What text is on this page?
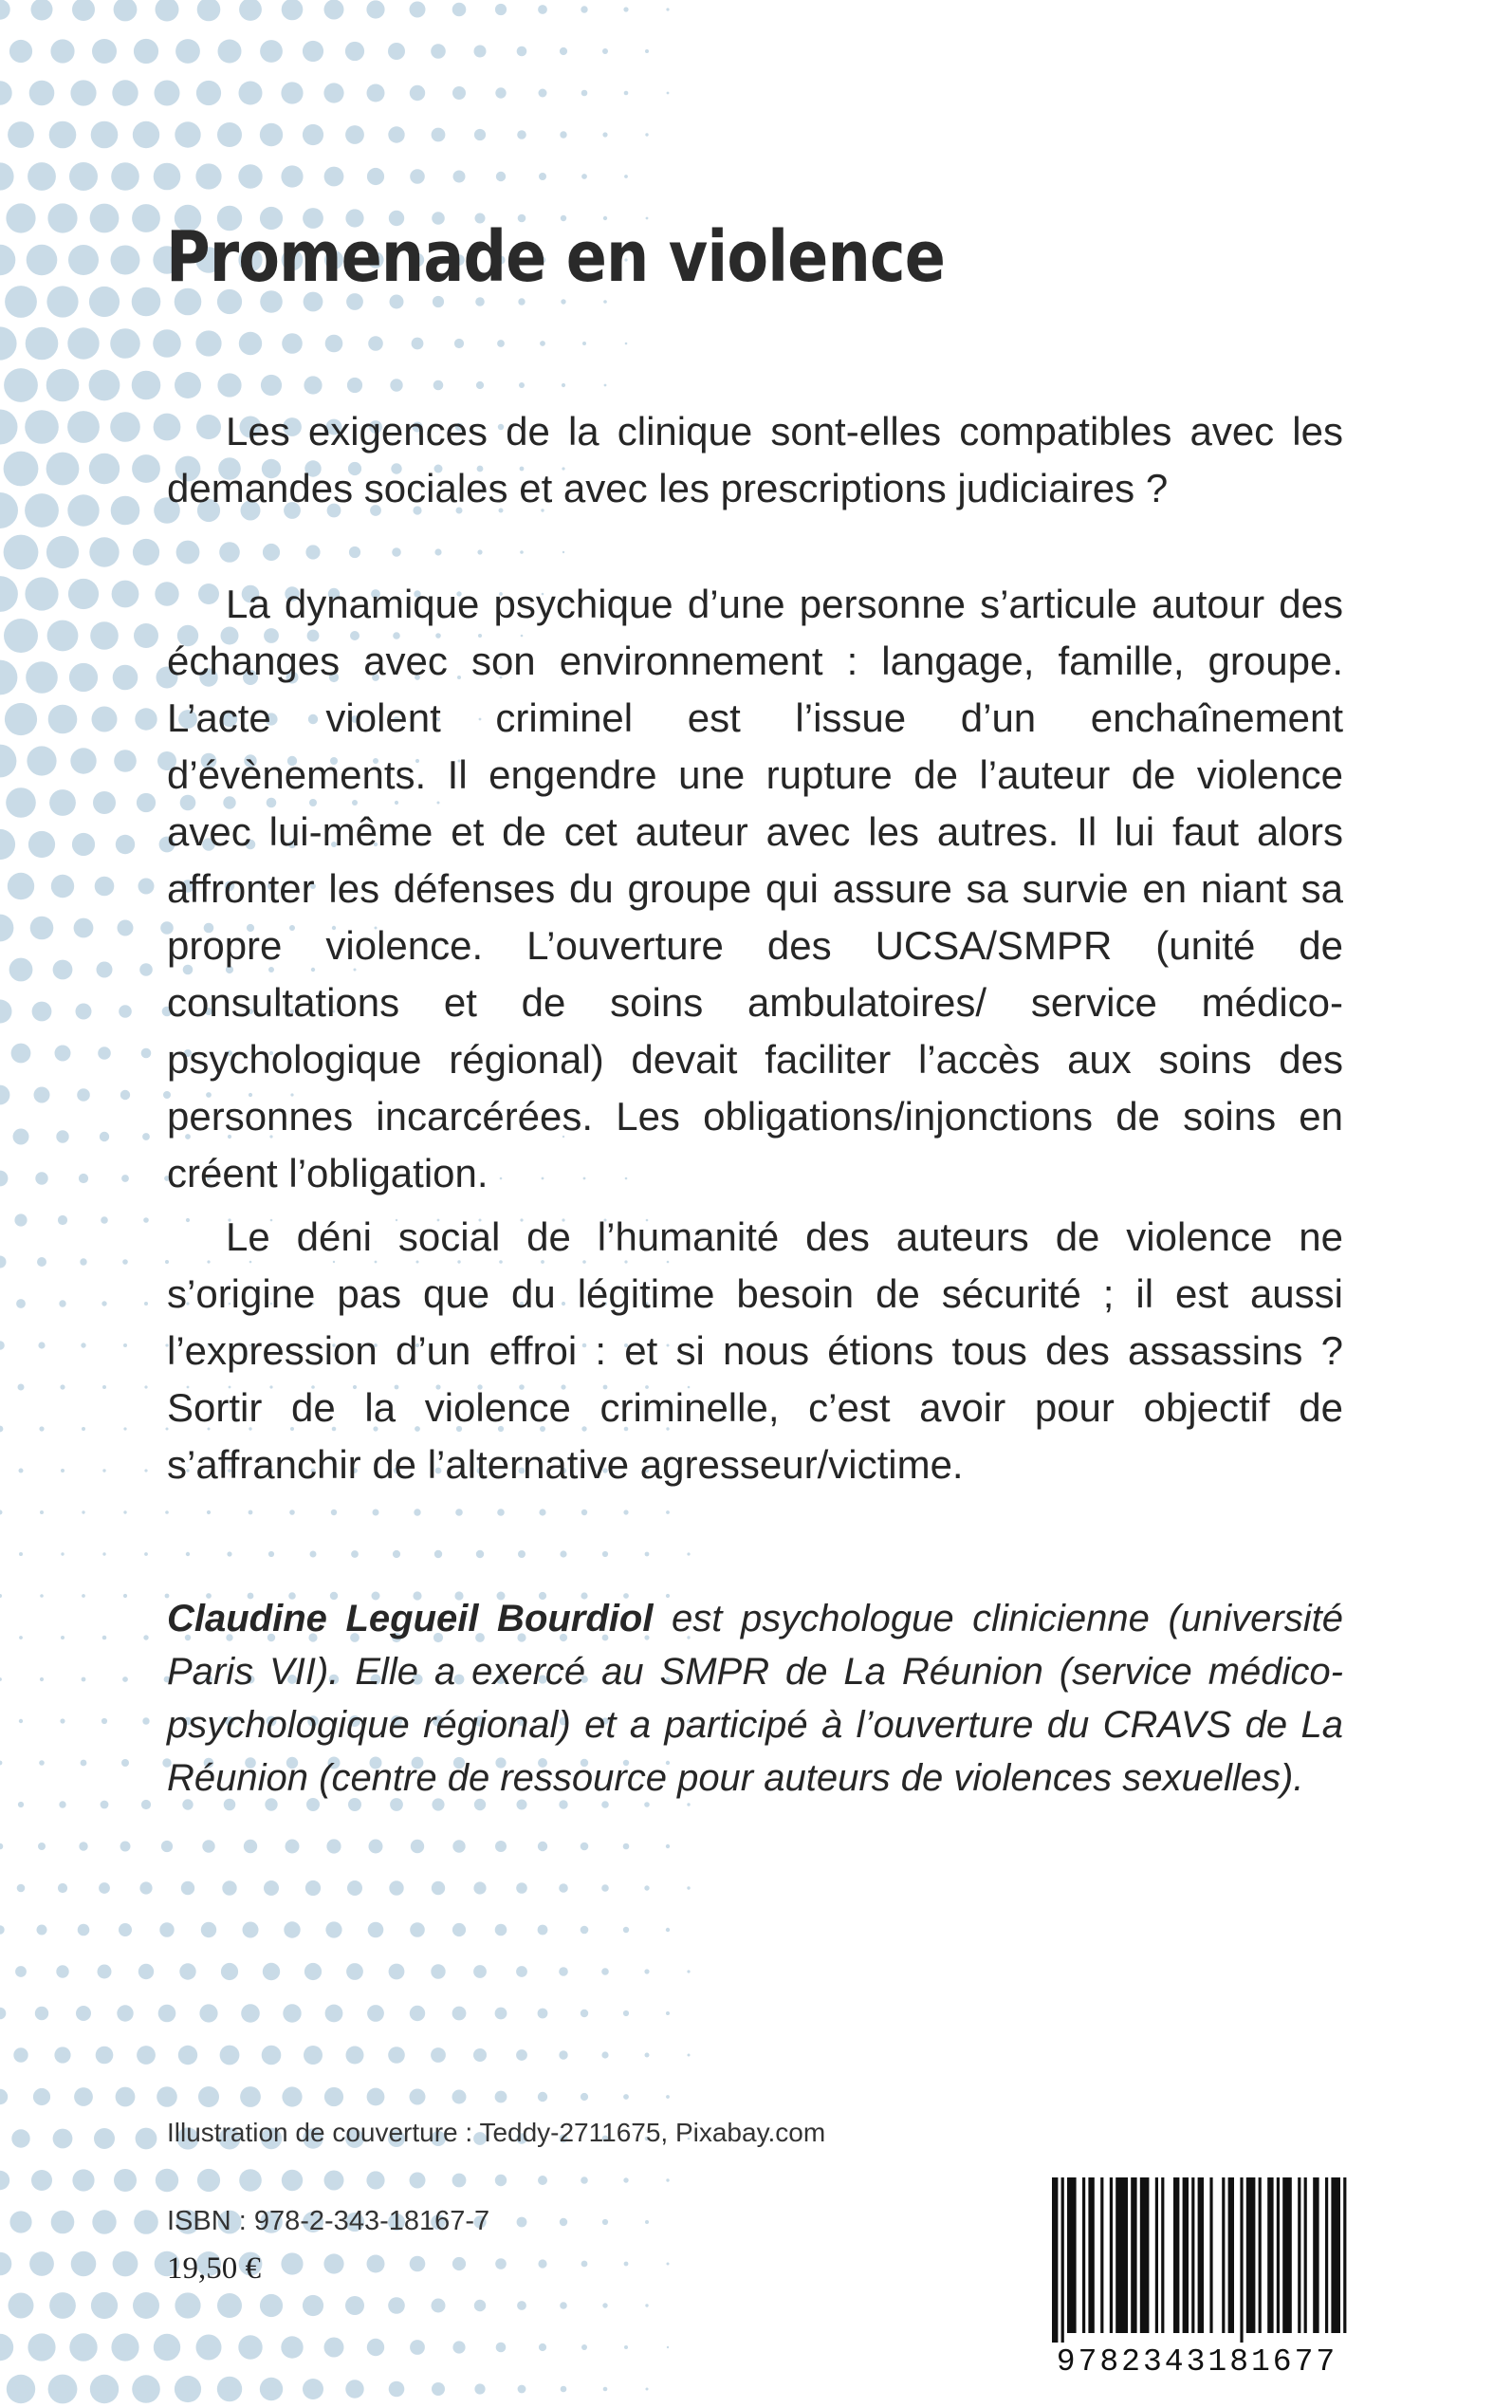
Promenade en violence
Les exigences de la clinique sont-elles compatibles avec les demandes sociales et avec les prescriptions judiciaires ?
La dynamique psychique d’une personne s’articule autour des échanges avec son environnement : langage, famille, groupe. L’acte violent criminel est l’issue d’un enchaînement d’évènements. Il engendre une rupture de l’auteur de violence avec lui-même et de cet auteur avec les autres. Il lui faut alors affronter les défenses du groupe qui assure sa survie en niant sa propre violence. L’ouverture des UCSA/SMPR (unité de consultations et de soins ambulatoires/ service médico-psychologique régional) devait faciliter l’accès aux soins des personnes incarcérées. Les obligations/injonctions de soins en créent l’obligation.
Le déni social de l’humanité des auteurs de violence ne s’origine pas que du légitime besoin de sécurité ; il est aussi l’expression d’un effroi : et si nous étions tous des assassins ? Sortir de la violence criminelle, c’est avoir pour objectif de s’affranchir de l’alternative agresseur/victime.
Claudine Legueil Bourdiol est psychologue clinicienne (université Paris VII). Elle a exercé au SMPR de La Réunion (service médico-psychologique régional) et a participé à l’ouverture du CRAVS de La Réunion (centre de ressource pour auteurs de violences sexuelles).
Illustration de couverture : Teddy-2711675, Pixabay.com
ISBN : 978-2-343-18167-7
19,50 €
9782343181677
